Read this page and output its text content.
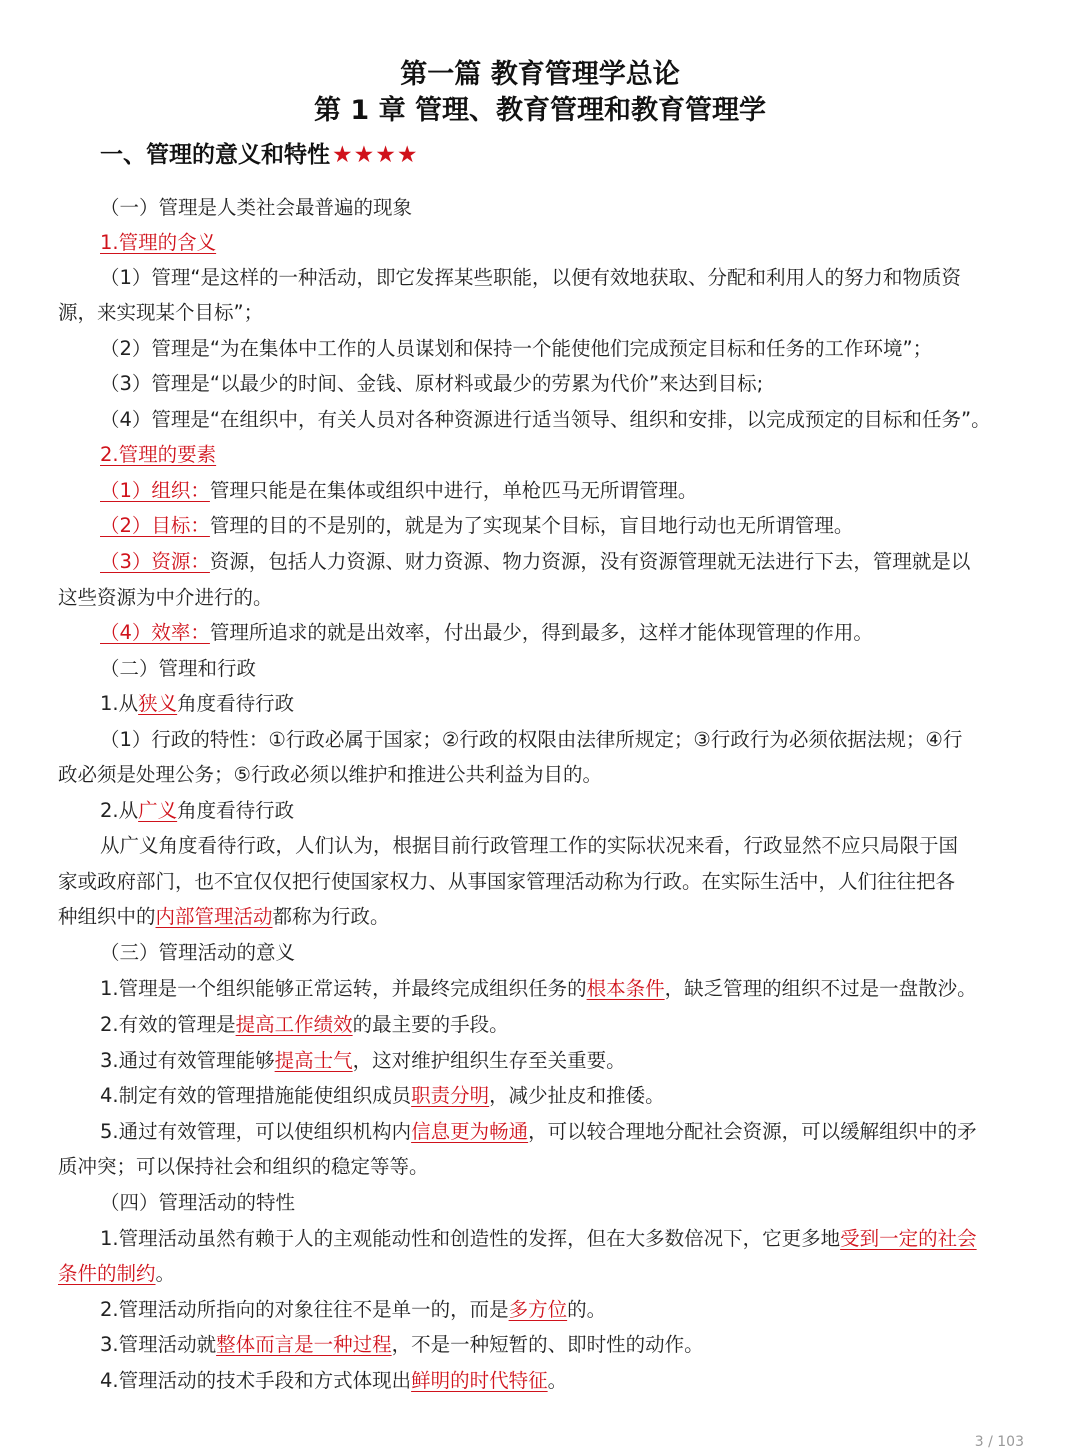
第一篇 教育管理学总论
第 1 章 管理、教育管理和教育管理学
一、管理的意义和特性★★★★
（一）管理是人类社会最普遍的现象
1.管理的含义
（1）管理“是这样的一种活动，即它发挥某些职能，以便有效地获取、分配和利用人的努力和物质资
源，来实现某个目标”；
（2）管理是“为在集体中工作的人员谋划和保持一个能使他们完成预定目标和任务的工作环境”；
（3）管理是“以最少的时间、金钱、原材料或最少的劳累为代价”来达到目标;
（4）管理是“在组织中，有关人员对各种资源进行适当领导、组织和安排，以完成预定的目标和任务”。
2.管理的要素
（1）组织：管理只能是在集体或组织中进行，单枪匹马无所谓管理。
（2）目标：管理的目的不是别的，就是为了实现某个目标，盲目地行动也无所谓管理。
（3）资源：资源，包括人力资源、财力资源、物力资源，没有资源管理就无法进行下去，管理就是以
这些资源为中介进行的。
（4）效率：管理所追求的就是出效率，付出最少，得到最多，这样才能体现管理的作用。
（二）管理和行政
1.从狭义角度看待行政
（1）行政的特性：①行政必属于国家；②行政的权限由法律所规定；③行政行为必须依据法规；④行
政必须是处理公务；⑤行政必须以维护和推进公共利益为目的。
2.从广义角度看待行政
从广义角度看待行政，人们认为，根据目前行政管理工作的实际状况来看，行政显然不应只局限于国
家或政府部门，也不宜仅仅把行使国家权力、从事国家管理活动称为行政。在实际生活中，人们往往把各
种组织中的内部管理活动都称为行政。
（三）管理活动的意义
1.管理是一个组织能够正常运转，并最终完成组织任务的根本条件，缺乏管理的组织不过是一盘散沙。
2.有效的管理是提高工作绩效的最主要的手段。
3.通过有效管理能够提高士气，这对维护组织生存至关重要。
4.制定有效的管理措施能使组织成员职责分明，减少扯皮和推倭。
5.通过有效管理，可以使组织机构内信息更为畅通，可以较合理地分配社会资源，可以缓解组织中的矛
质冲突；可以保持社会和组织的稳定等等。
（四）管理活动的特性
1.管理活动虽然有赖于人的主观能动性和创造性的发挥，但在大多数倍况下，它更多地受到一定的社会
条件的制约。
2.管理活动所指向的对象往往不是单一的，而是多方位的。
3.管理活动就整体而言是一种过程，不是一种短暂的、即时性的动作。
4.管理活动的技术手段和方式体现出鲜明的时代特征。
3 / 103
